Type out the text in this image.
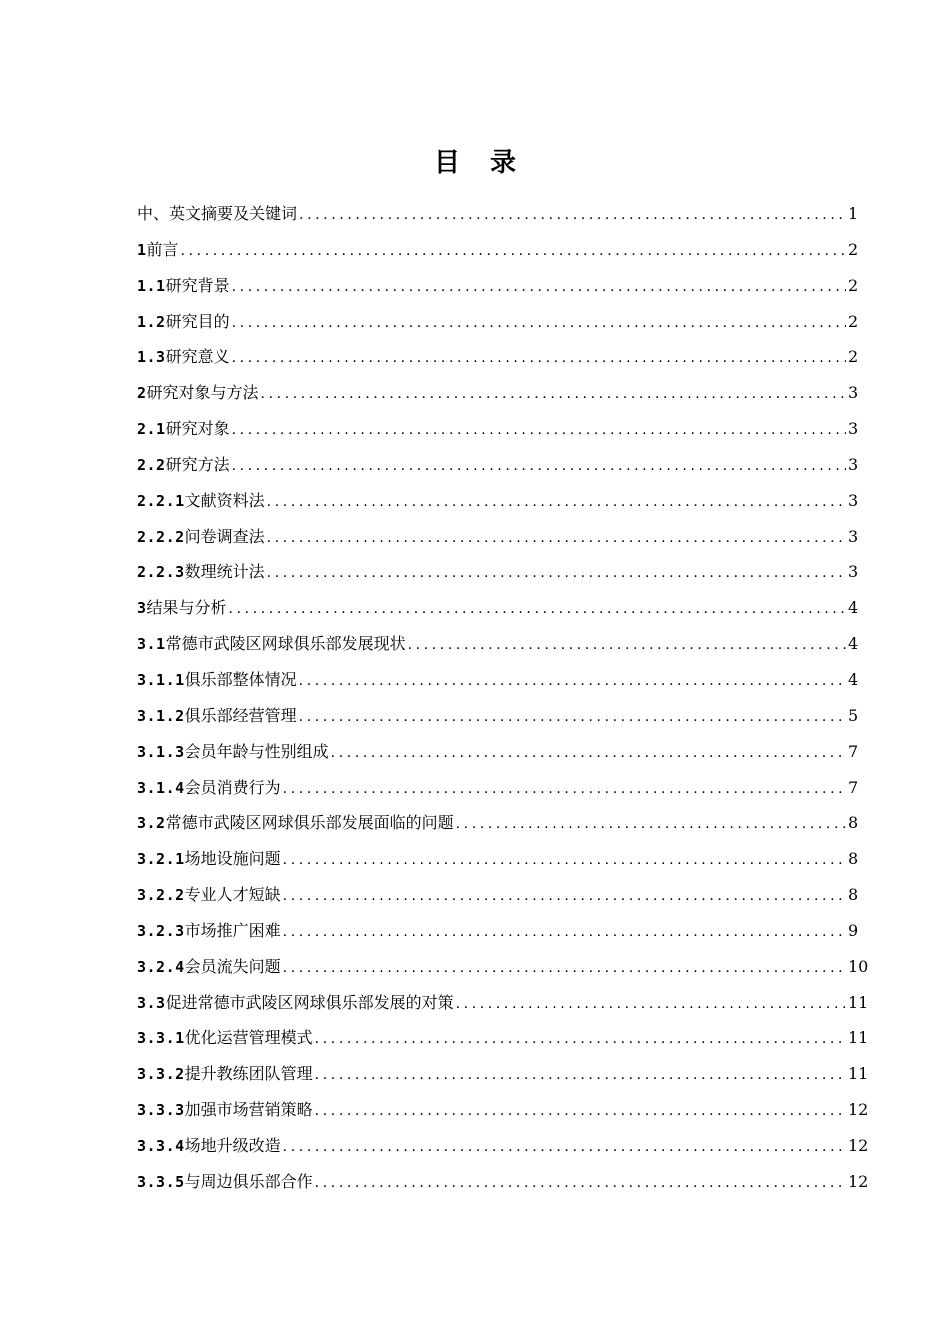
目 录
中、英文摘要及关键词 .....	1
1 前言 .....	2
1.1 研究背景 .....	2
1.2 研究目的 .....	2
1.3 研究意义 .....	2
2 研究对象与方法 .....	3
2.1 研究对象 .....	3
2.2 研究方法 .....	3
2.2.1 文献资料法 .....	3
2.2.2 问卷调查法 .....	3
2.2.3 数理统计法 .....	3
3 结果与分析 .....	4
3.1 常德市武陵区网球俱乐部发展现状 .....	4
3.1.1 俱乐部整体情况 .....	4
3.1.2 俱乐部经营管理 .....	5
3.1.3 会员年龄与性别组成 .....	7
3.1.4 会员消费行为 .....	7
3.2 常德市武陵区网球俱乐部发展面临的问题 .....	8
3.2.1 场地设施问题 .....	8
3.2.2 专业人才短缺 .....	8
3.2.3 市场推广困难 .....	9
3.2.4 会员流失问题 .....	10
3.3 促进常德市武陵区网球俱乐部发展的对策 .....	11
3.3.1 优化运营管理模式 .....	11
3.3.2 提升教练团队管理 .....	11
3.3.3 加强市场营销策略 .....	12
3.3.4 场地升级改造 .....	12
3.3.5 与周边俱乐部合作 .....	12
